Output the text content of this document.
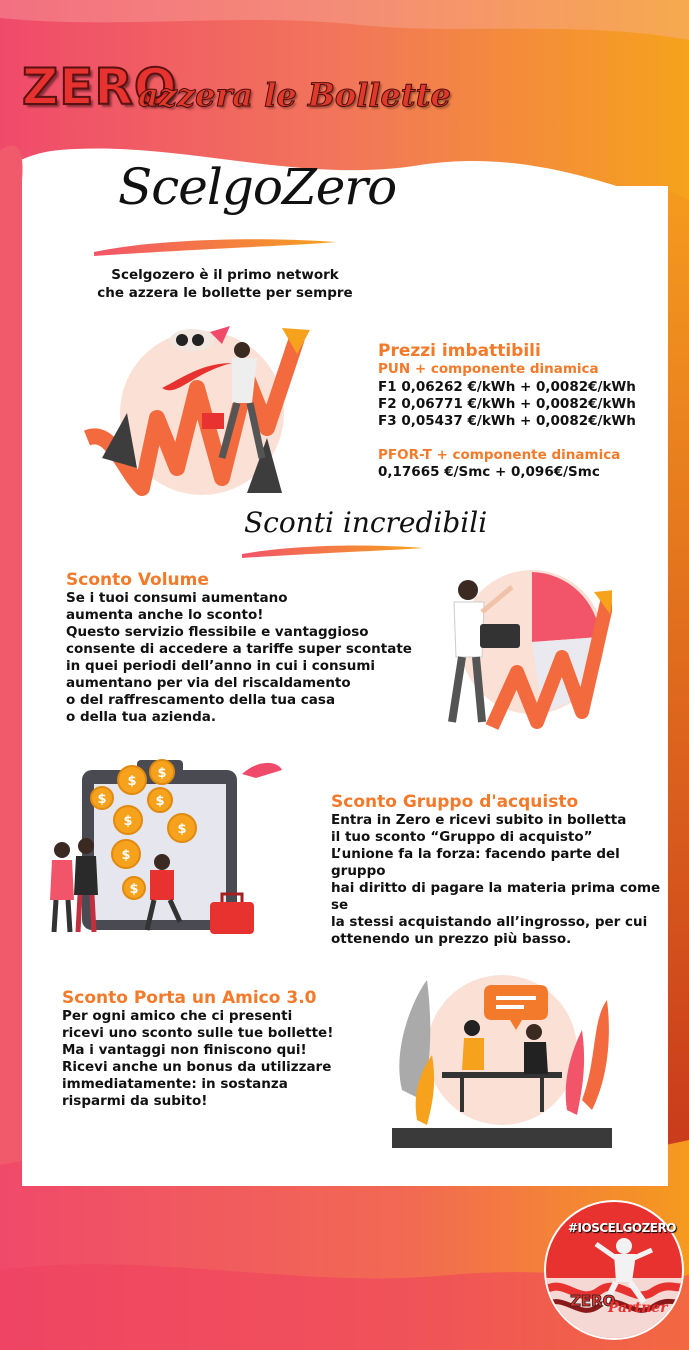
ZERO
azzera le Bollette
ScelgoZero
Scelgozero è il primo network
che azzera le bollette per sempre
Prezzi imbattibili
PUN + componente dinamica
F1 0,06262 €/kWh + 0,0082€/kWh
F2 0,06771 €/kWh + 0,0082€/kWh
F3 0,05437 €/kWh + 0,0082€/kWh
PFOR-T + componente dinamica
0,17665 €/Smc + 0,096€/Smc
Sconti incredibili
Sconto Volume
Se i tuoi consumi aumentano
aumenta anche lo sconto!
Questo servizio flessibile e vantaggioso
consente di accedere a tariffe super scontate
in quei periodi dell’anno in cui i consumi
aumentano per via del riscaldamento
o del raffrescamento della tua casa
o della tua azienda.
$
$
$
$
$
$
$
$
Sconto Gruppo d'acquisto
Entra in Zero e ricevi subito in bolletta
il tuo sconto “Gruppo di acquisto”
L’unione fa la forza: facendo parte del gruppo
hai diritto di pagare la materia prima come se
la stessi acquistando all’ingrosso, per cui
ottenendo un prezzo più basso.
Sconto Porta un Amico 3.0
Per ogni amico che ci presenti
ricevi uno sconto sulle tue bollette!
Ma i vantaggi non finiscono qui!
Ricevi anche un bonus da utilizzare
immediatamente: in sostanza
risparmi da subito!
#IOSCELGOZERO
ZERO
Partner
